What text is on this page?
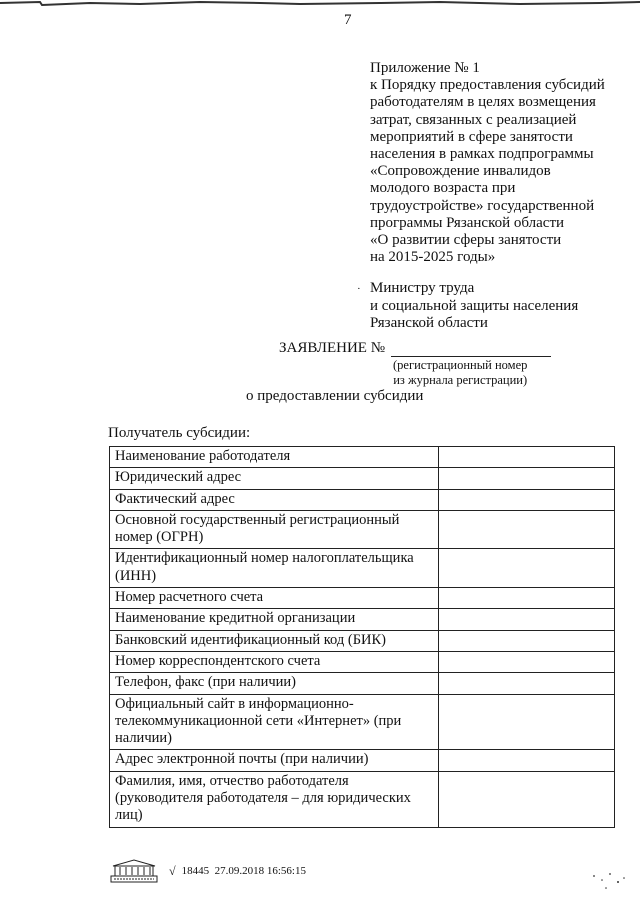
7
Приложение № 1
к Порядку предоставления субсидий
работодателям в целях возмещения
затрат, связанных с реализацией
мероприятий в сфере занятости
населения в рамках подпрограммы
«Сопровождение инвалидов
молодого возраста при
трудоустройстве» государственной
программы Рязанской области
«О развитии сферы занятости
на 2015-2025 годы»
· Министру труда
и социальной защиты населения
Рязанской области
ЗАЯВЛЕНИЕ №
(регистрационный номер
из журнала регистрации)
о предоставлении субсидии
Получатель субсидии:
Наименование работодателя	
Юридический адрес	
Фактический адрес	
Основной государственный регистрационный номер (ОГРН)	
Идентификационный номер налогоплательщика (ИНН)	
Номер расчетного счета	
Наименование кредитной организации	
Банковский идентификационный код (БИК)	
Номер корреспондентского счета	
Телефон, факс (при наличии)	
Официальный сайт в информационно-телекоммуникационной сети «Интернет» (при наличии)	
Адрес электронной почты (при наличии)	
Фамилия, имя, отчество работодателя (руководителя работодателя – для юридических лиц)	
√ 18445
27.09.2018 16:56:15
